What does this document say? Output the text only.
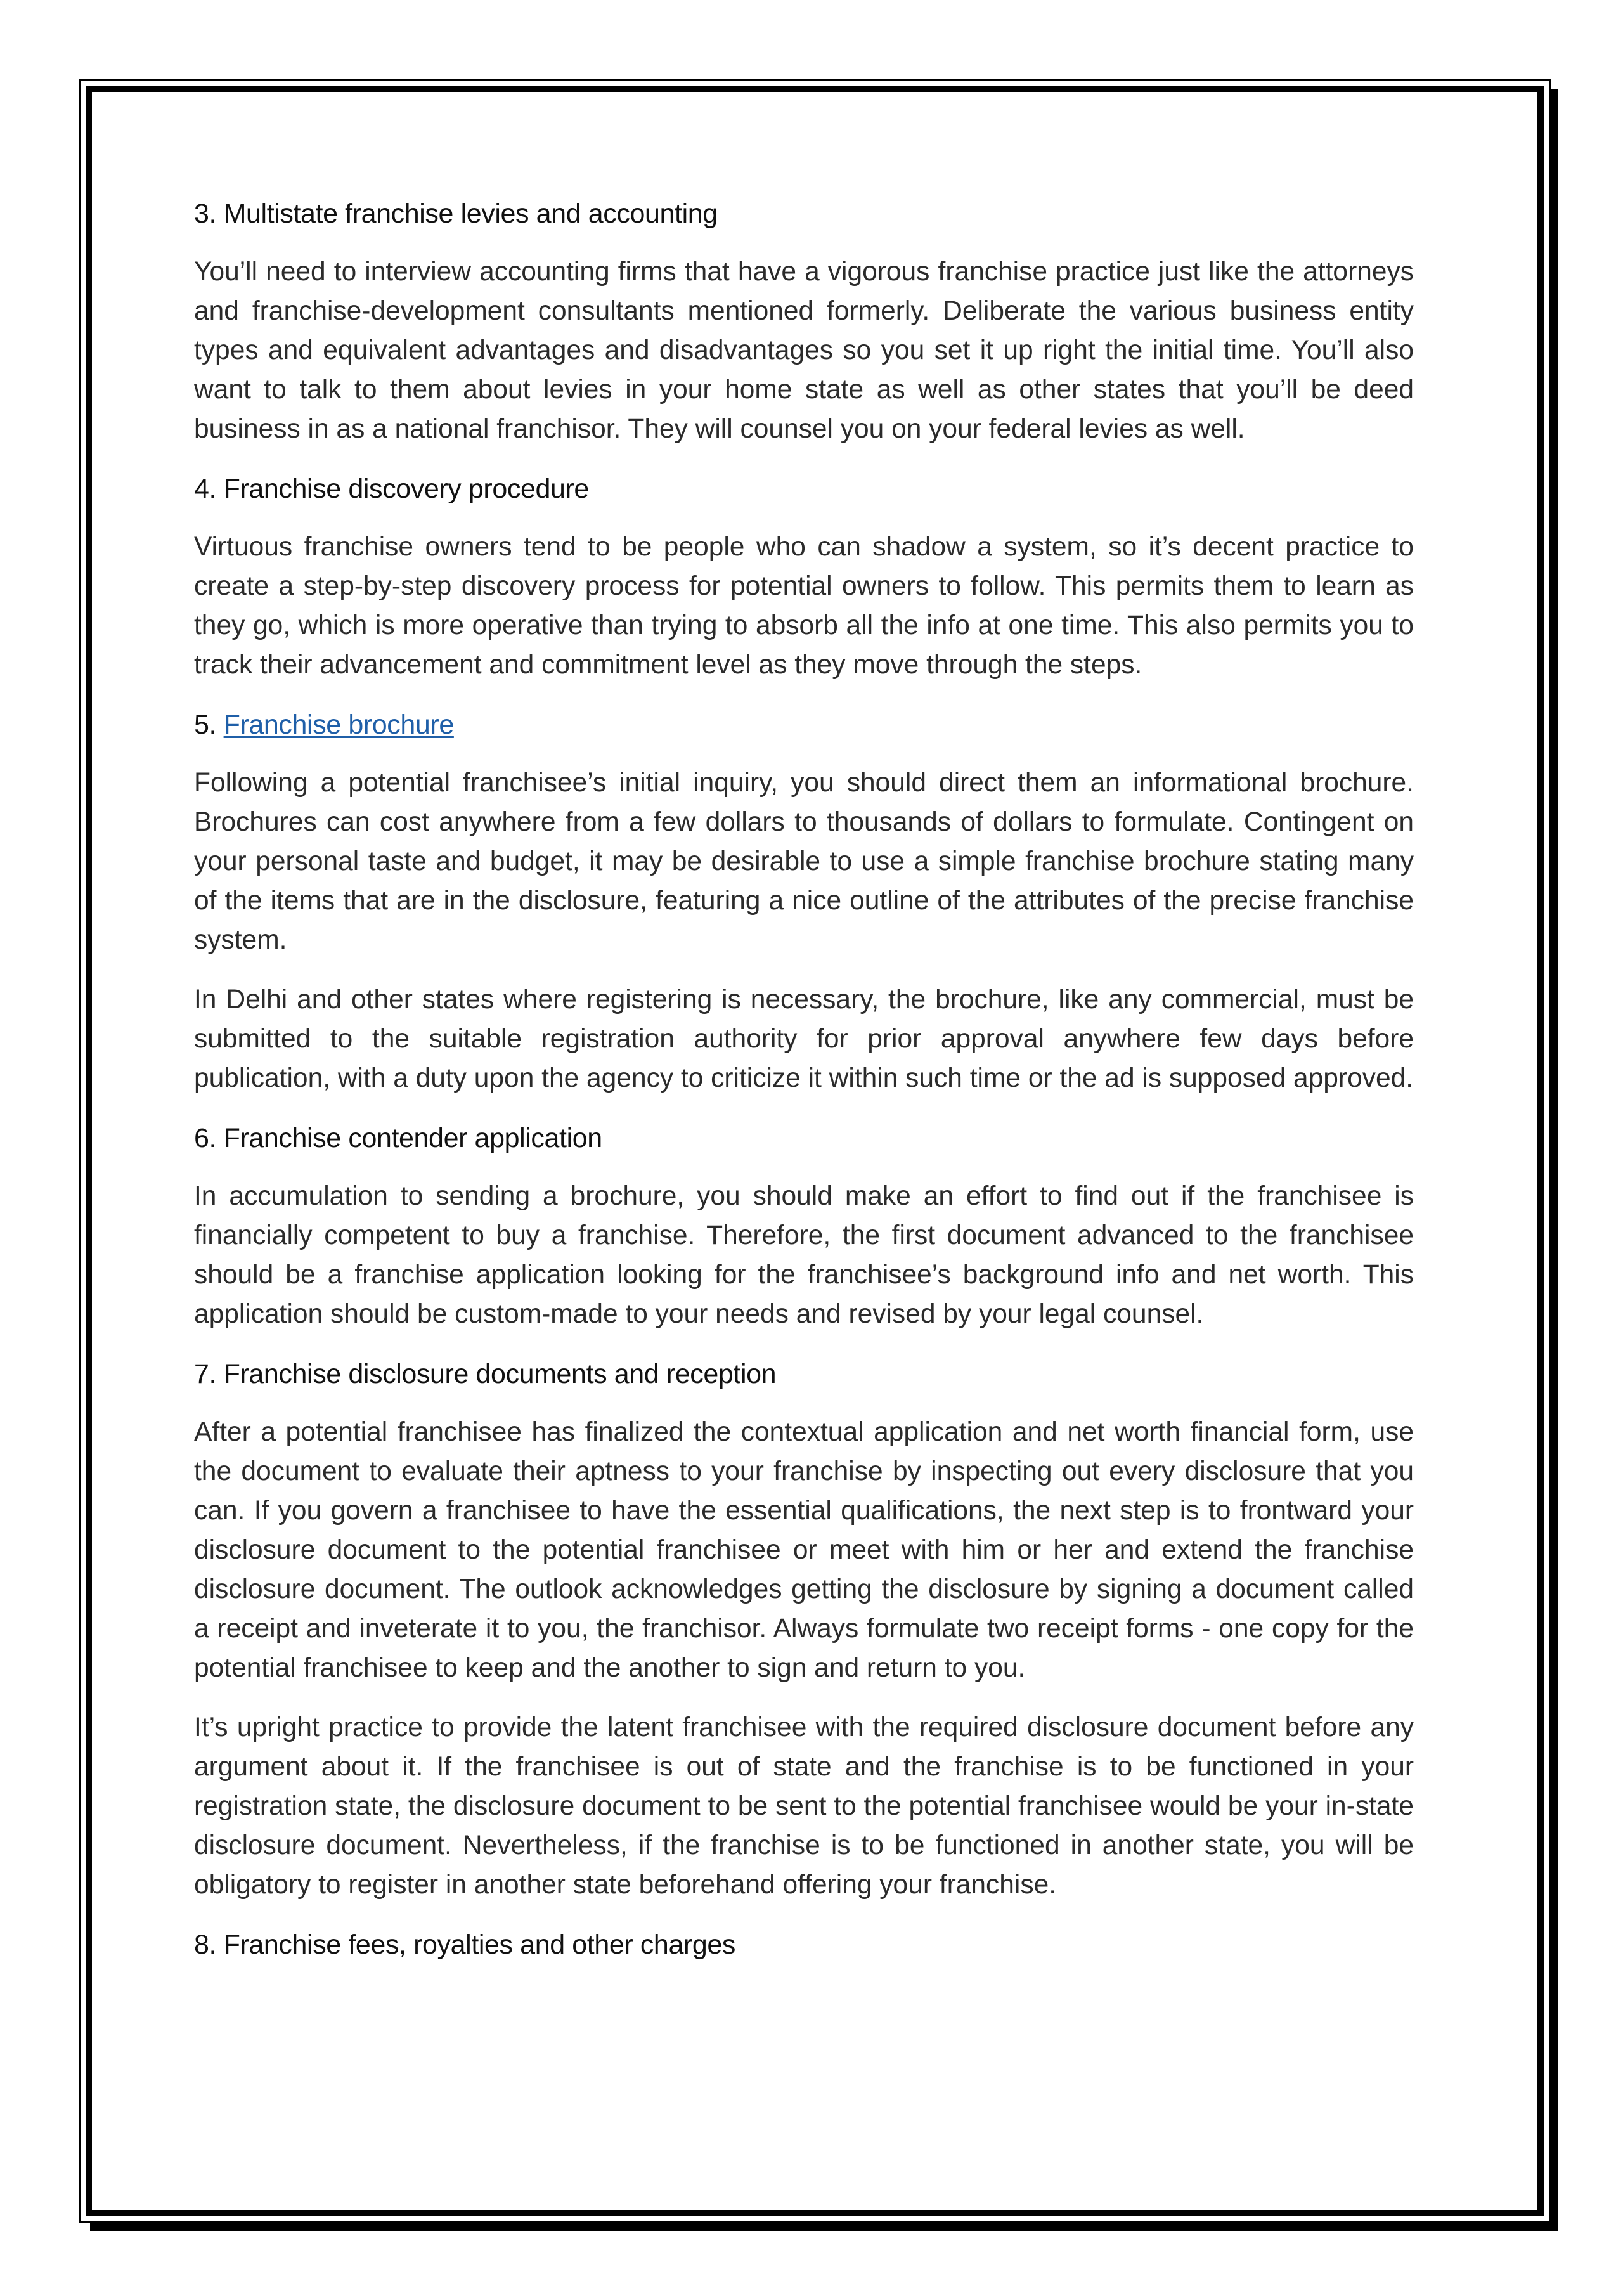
3. Multistate franchise levies and accounting

You’ll need to interview accounting firms that have a vigorous franchise practice just like the attorneys and franchise-development consultants mentioned formerly. Deliberate the various business entity types and equivalent advantages and disadvantages so you set it up right the initial time. You’ll also want to talk to them about levies in your home state as well as other states that you’ll be deed business in as a national franchisor. They will counsel you on your federal levies as well.

4. Franchise discovery procedure

Virtuous franchise owners tend to be people who can shadow a system, so it’s decent practice to create a step-by-step discovery process for potential owners to follow. This permits them to learn as they go, which is more operative than trying to absorb all the info at one time. This also permits you to track their advancement and commitment level as they move through the steps.

5. Franchise brochure

Following a potential franchisee’s initial inquiry, you should direct them an informational brochure. Brochures can cost anywhere from a few dollars to thousands of dollars to formulate. Contingent on your personal taste and budget, it may be desirable to use a simple franchise brochure stating many of the items that are in the disclosure, featuring a nice outline of the attributes of the precise franchise system.

In Delhi and other states where registering is necessary, the brochure, like any commercial, must be submitted to the suitable registration authority for prior approval anywhere few days before publication, with a duty upon the agency to criticize it within such time or the ad is supposed approved.

6. Franchise contender application

In accumulation to sending a brochure, you should make an effort to find out if the franchisee is financially competent to buy a franchise. Therefore, the first document advanced to the franchisee should be a franchise application looking for the franchisee’s background info and net worth. This application should be custom-made to your needs and revised by your legal counsel.

7. Franchise disclosure documents and reception

After a potential franchisee has finalized the contextual application and net worth financial form, use the document to evaluate their aptness to your franchise by inspecting out every disclosure that you can. If you govern a franchisee to have the essential qualifications, the next step is to frontward your disclosure document to the potential franchisee or meet with him or her and extend the franchise disclosure document. The outlook acknowledges getting the disclosure by signing a document called a receipt and inveterate it to you, the franchisor. Always formulate two receipt forms - one copy for the potential franchisee to keep and the another to sign and return to you.

It’s upright practice to provide the latent franchisee with the required disclosure document before any argument about it. If the franchisee is out of state and the franchise is to be functioned in your registration state, the disclosure document to be sent to the potential franchisee would be your in-state disclosure document. Nevertheless, if the franchise is to be functioned in another state, you will be obligatory to register in another state beforehand offering your franchise.

8. Franchise fees, royalties and other charges
